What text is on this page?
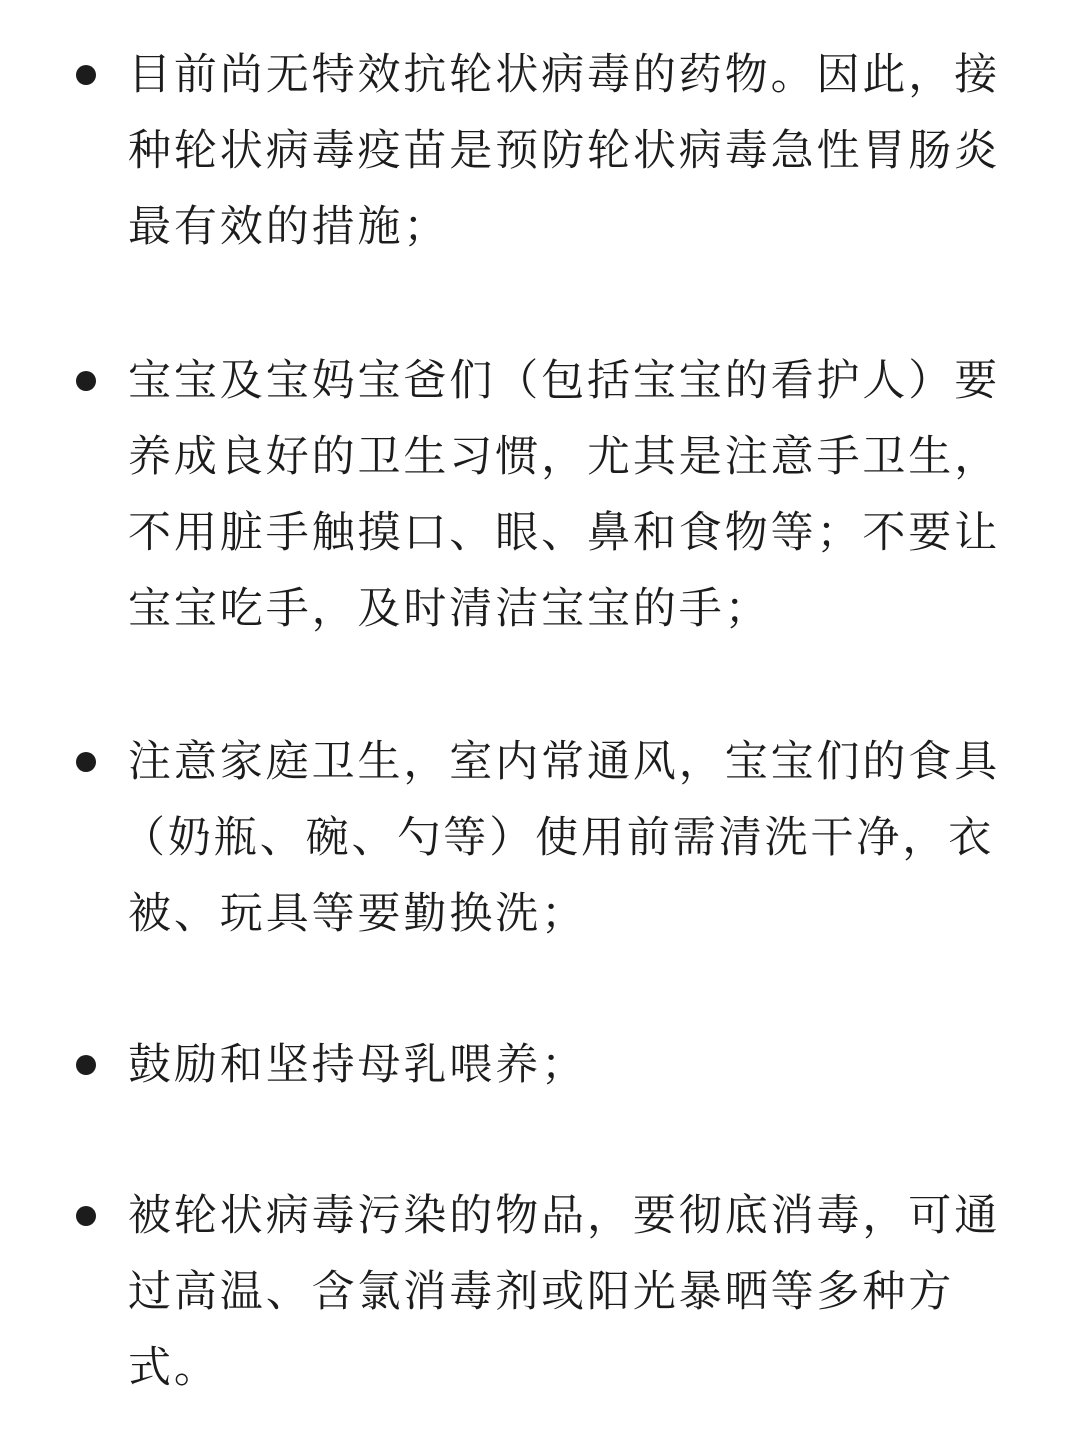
目前尚无特效抗轮状病毒的药物。因此，接
种轮状病毒疫苗是预防轮状病毒急性胃肠炎
最有效的措施；
宝宝及宝妈宝爸们（包括宝宝的看护人）要
养成良好的卫生习惯，尤其是注意手卫生，
不用脏手触摸口、眼、鼻和食物等；不要让
宝宝吃手，及时清洁宝宝的手；
注意家庭卫生，室内常通风，宝宝们的食具
（奶瓶、碗、勺等）使用前需清洗干净，衣
被、玩具等要勤换洗；
鼓励和坚持母乳喂养；
被轮状病毒污染的物品，要彻底消毒，可通
过高温、含氯消毒剂或阳光暴晒等多种方
式。
